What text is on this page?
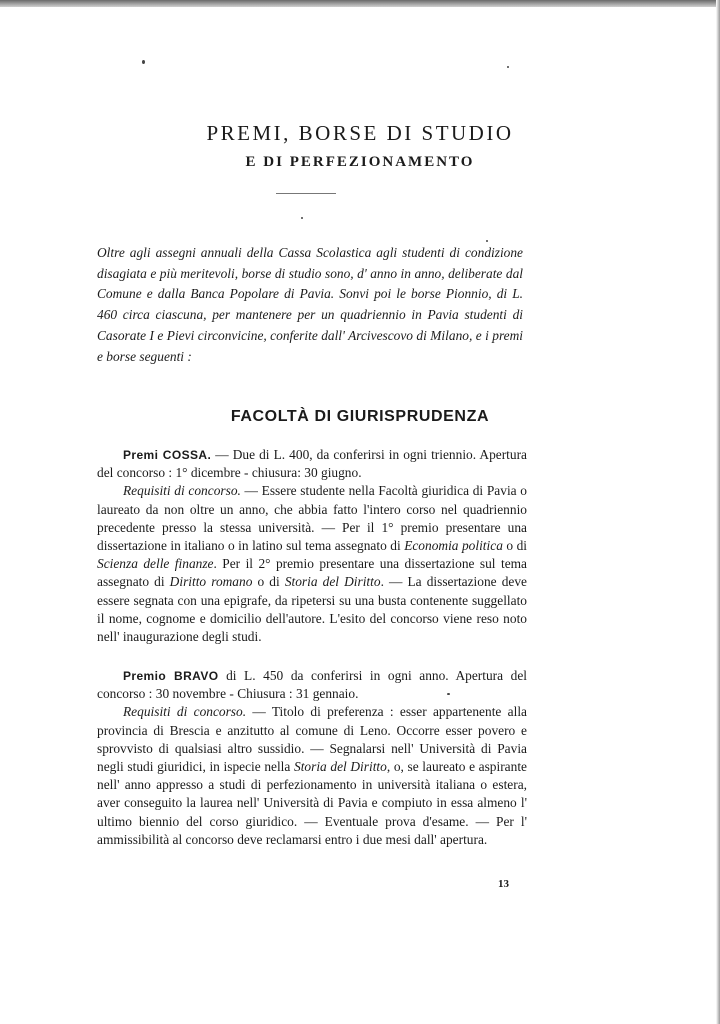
PREMI, BORSE DI STUDIO
E DI PERFEZIONAMENTO

Oltre agli assegni annuali della Cassa Scolastica agli studenti di condizione disagiata e più meritevoli, borse di studio sono, d' anno in anno, deliberate dal Comune e dalla Banca Popolare di Pavia. Sonvi poi le borse Pionnio, di L. 460 circa ciascuna, per mantenere per un quadriennio in Pavia studenti di Casorate I e Pievi circonvicine, conferite dall' Arcivescovo di Milano, e i premi e borse seguenti :

FACOLTÀ DI GIURISPRUDENZA

Premi COSSA. — Due di L. 400, da conferirsi in ogni triennio. Apertura del concorso : 1° dicembre - chiusura: 30 giugno.

Requisiti di concorso. — Essere studente nella Facoltà giuridica di Pavia o laureato da non oltre un anno, che abbia fatto l'intero corso nel quadriennio precedente presso la stessa università. — Per il 1° premio presentare una dissertazione in italiano o in latino sul tema assegnato di Economia politica o di Scienza delle finanze. Per il 2° premio presentare una dissertazione sul tema assegnato di Diritto romano o di Storia del Diritto. — La dissertazione deve essere segnata con una epigrafe, da ripetersi su una busta contenente suggellato il nome, cognome e domicilio dell'autore. L'esito del concorso viene reso noto nell' inaugurazione degli studi.

Premio BRAVO di L. 450 da conferirsi in ogni anno. Apertura del concorso : 30 novembre - Chiusura : 31 gennaio.

Requisiti di concorso. — Titolo di preferenza : esser appartenente alla provincia di Brescia e anzitutto al comune di Leno. Occorre esser povero e sprovvisto di qualsiasi altro sussidio. — Segnalarsi nell' Università di Pavia negli studi giuridici, in ispecie nella Storia del Diritto, o, se laureato e aspirante nell' anno appresso a studi di perfezionamento in università italiana o estera, aver conseguito la laurea nell' Università di Pavia e compiuto in essa almeno l' ultimo biennio del corso giuridico. — Eventuale prova d'esame. — Per l' ammissibilità al concorso deve reclamarsi entro i due mesi dall' apertura.

13
